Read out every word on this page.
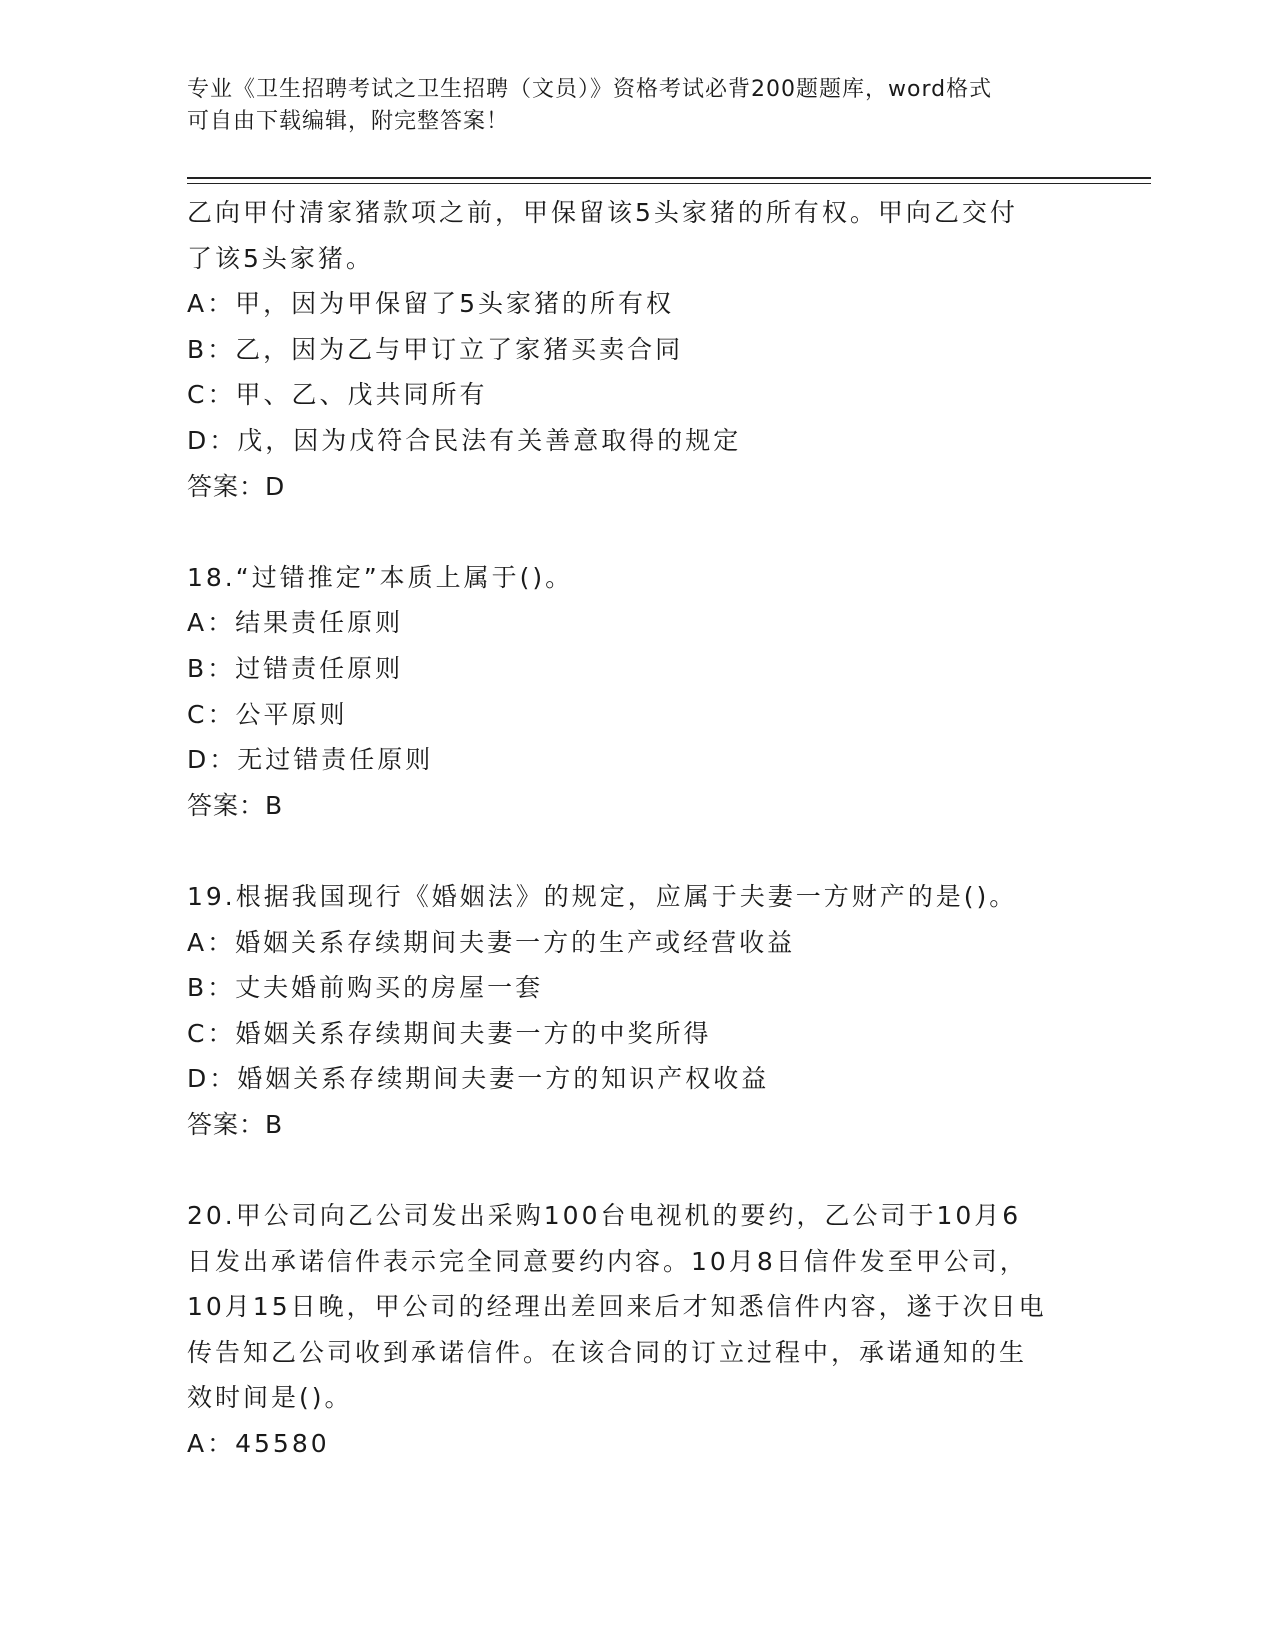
专业《卫生招聘考试之卫生招聘（文员）》资格考试必背200题题库，word格式
可自由下载编辑，附完整答案！
乙向甲付清家猪款项之前，甲保留该5头家猪的所有权。甲向乙交付
了该5头家猪。
A：甲，因为甲保留了5头家猪的所有权
B：乙，因为乙与甲订立了家猪买卖合同
C：甲、乙、戊共同所有
D：戊，因为戊符合民法有关善意取得的规定
答案：D
18.“过错推定”本质上属于()。
A：结果责任原则
B：过错责任原则
C：公平原则
D：无过错责任原则
答案：B
19.根据我国现行《婚姻法》的规定，应属于夫妻一方财产的是()。
A：婚姻关系存续期间夫妻一方的生产或经营收益
B：丈夫婚前购买的房屋一套
C：婚姻关系存续期间夫妻一方的中奖所得
D：婚姻关系存续期间夫妻一方的知识产权收益
答案：B
20.甲公司向乙公司发出采购100台电视机的要约，乙公司于10月6
日发出承诺信件表示完全同意要约内容。10月8日信件发至甲公司，
10月15日晚，甲公司的经理出差回来后才知悉信件内容，遂于次日电
传告知乙公司收到承诺信件。在该合同的订立过程中，承诺通知的生
效时间是()。
A：45580
